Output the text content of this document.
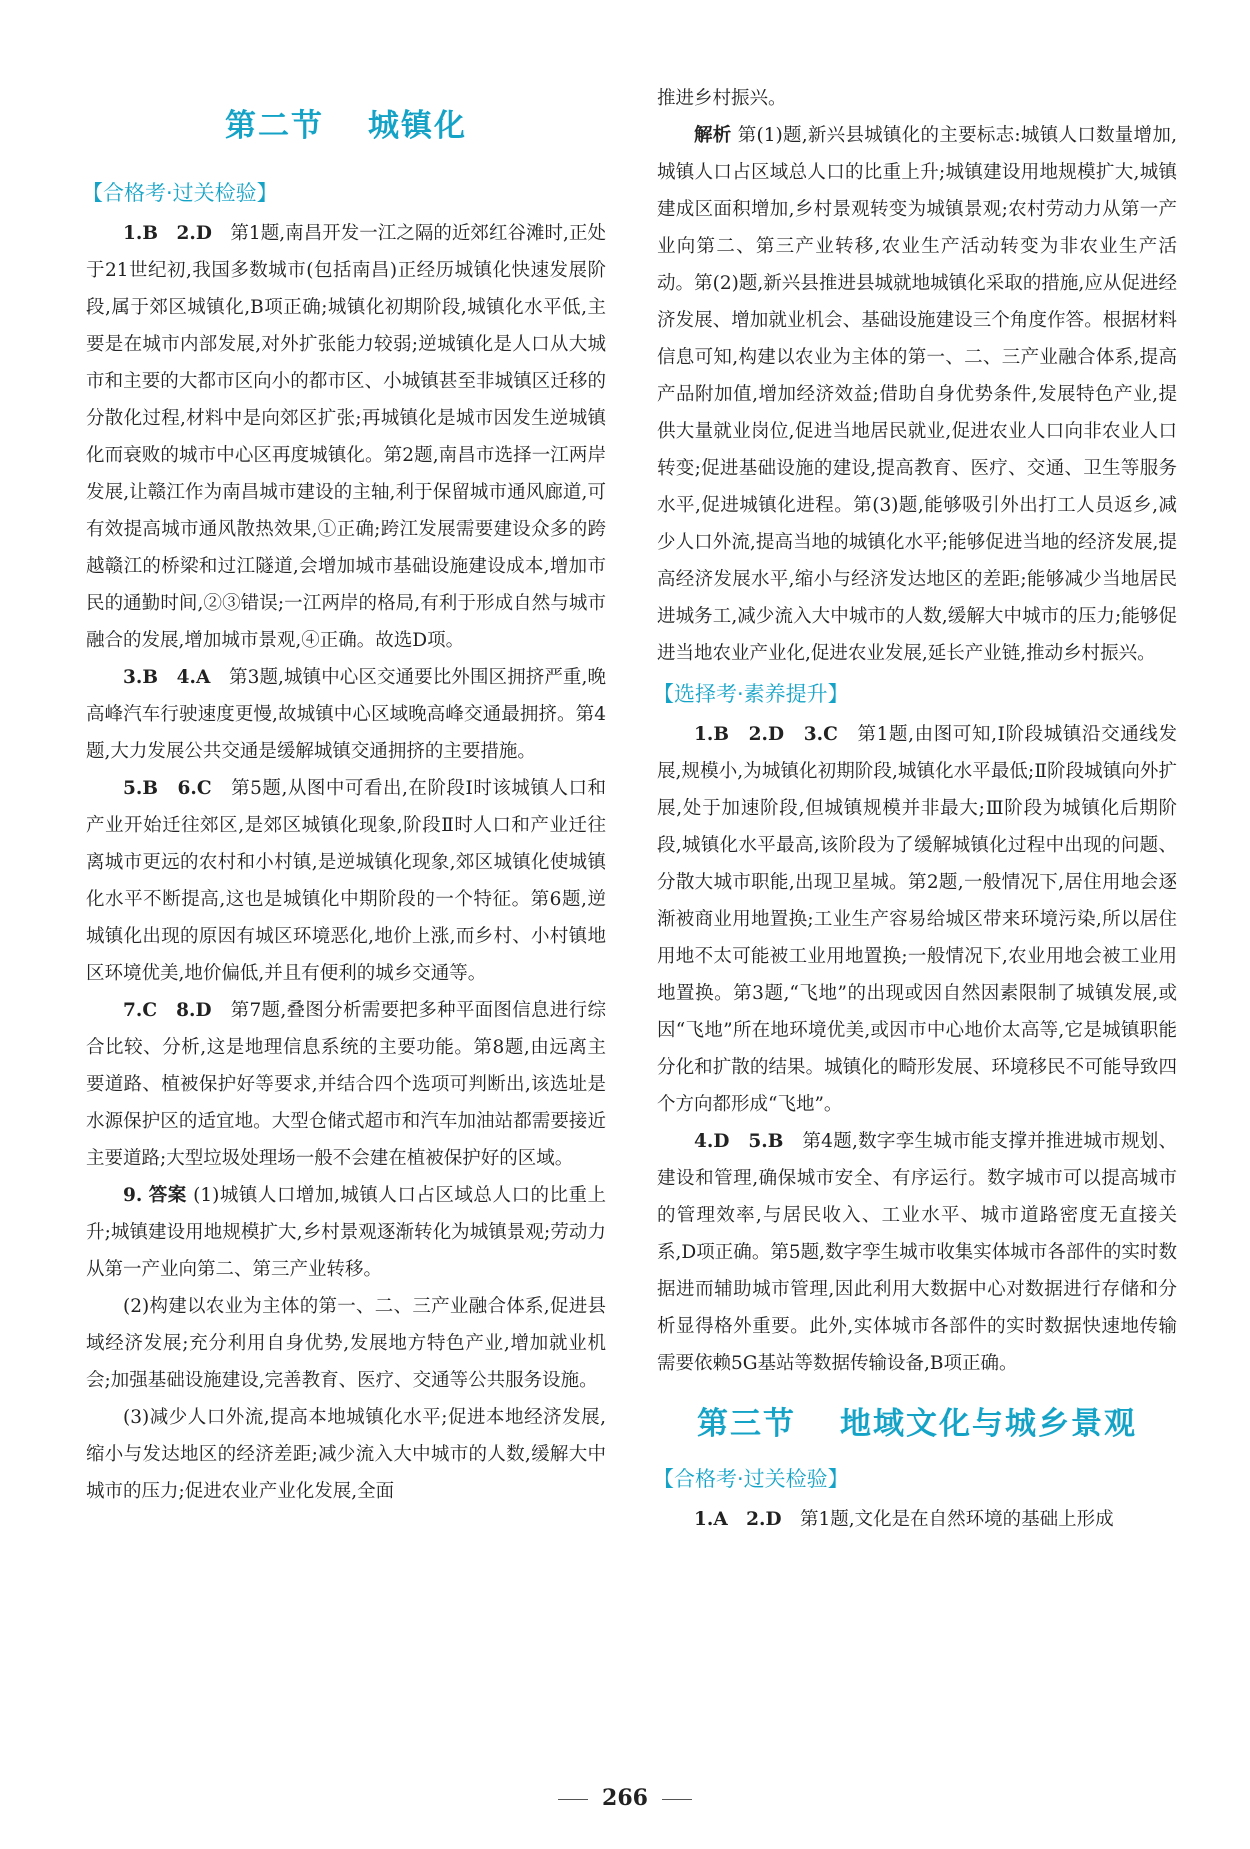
第二节 城镇化
【合格考·过关检验】

1.B　2.D　第1题,南昌开发一江之隔的近郊红谷滩时,正处于21世纪初,我国多数城市(包括南昌)正经历城镇化快速发展阶段,属于郊区城镇化,B项正确;城镇化初期阶段,城镇化水平低,主要是在城市内部发展,对外扩张能力较弱;逆城镇化是人口从大城市和主要的大都市区向小的都市区、小城镇甚至非城镇区迁移的分散化过程,材料中是向郊区扩张;再城镇化是城市因发生逆城镇化而衰败的城市中心区再度城镇化。第2题,南昌市选择一江两岸发展,让赣江作为南昌城市建设的主轴,利于保留城市通风廊道,可有效提高城市通风散热效果,①正确;跨江发展需要建设众多的跨越赣江的桥梁和过江隧道,会增加城市基础设施建设成本,增加市民的通勤时间,②③错误;一江两岸的格局,有利于形成自然与城市融合的发展,增加城市景观,④正确。故选D项。

3.B　4.A　第3题,城镇中心区交通要比外围区拥挤严重,晚高峰汽车行驶速度更慢,故城镇中心区域晚高峰交通最拥挤。第4题,大力发展公共交通是缓解城镇交通拥挤的主要措施。

5.B　6.C　第5题,从图中可看出,在阶段Ⅰ时该城镇人口和产业开始迁往郊区,是郊区城镇化现象,阶段Ⅱ时人口和产业迁往离城市更远的农村和小村镇,是逆城镇化现象,郊区城镇化使城镇化水平不断提高,这也是城镇化中期阶段的一个特征。第6题,逆城镇化出现的原因有城区环境恶化,地价上涨,而乡村、小村镇地区环境优美,地价偏低,并且有便利的城乡交通等。

7.C　8.D　第7题,叠图分析需要把多种平面图信息进行综合比较、分析,这是地理信息系统的主要功能。第8题,由远离主要道路、植被保护好等要求,并结合四个选项可判断出,该选址是水源保护区的适宜地。大型仓储式超市和汽车加油站都需要接近主要道路;大型垃圾处理场一般不会建在植被保护好的区域。

9. 答案 (1)城镇人口增加,城镇人口占区域总人口的比重上升;城镇建设用地规模扩大,乡村景观逐渐转化为城镇景观;劳动力从第一产业向第二、第三产业转移。

(2)构建以农业为主体的第一、二、三产业融合体系,促进县域经济发展;充分利用自身优势,发展地方特色产业,增加就业机会;加强基础设施建设,完善教育、医疗、交通等公共服务设施。

(3)减少人口外流,提高本地城镇化水平;促进本地经济发展,缩小与发达地区的经济差距;减少流入大中城市的人数,缓解大中城市的压力;促进农业产业化发展,全面

推进乡村振兴。

解析 第(1)题,新兴县城镇化的主要标志:城镇人口数量增加,城镇人口占区域总人口的比重上升;城镇建设用地规模扩大,城镇建成区面积增加,乡村景观转变为城镇景观;农村劳动力从第一产业向第二、第三产业转移,农业生产活动转变为非农业生产活动。第(2)题,新兴县推进县城就地城镇化采取的措施,应从促进经济发展、增加就业机会、基础设施建设三个角度作答。根据材料信息可知,构建以农业为主体的第一、二、三产业融合体系,提高产品附加值,增加经济效益;借助自身优势条件,发展特色产业,提供大量就业岗位,促进当地居民就业,促进农业人口向非农业人口转变;促进基础设施的建设,提高教育、医疗、交通、卫生等服务水平,促进城镇化进程。第(3)题,能够吸引外出打工人员返乡,减少人口外流,提高当地的城镇化水平;能够促进当地的经济发展,提高经济发展水平,缩小与经济发达地区的差距;能够减少当地居民进城务工,减少流入大中城市的人数,缓解大中城市的压力;能够促进当地农业产业化,促进农业发展,延长产业链,推动乡村振兴。

【选择考·素养提升】

1.B　2.D　3.C　第1题,由图可知,Ⅰ阶段城镇沿交通线发展,规模小,为城镇化初期阶段,城镇化水平最低;Ⅱ阶段城镇向外扩展,处于加速阶段,但城镇规模并非最大;Ⅲ阶段为城镇化后期阶段,城镇化水平最高,该阶段为了缓解城镇化过程中出现的问题、分散大城市职能,出现卫星城。第2题,一般情况下,居住用地会逐渐被商业用地置换;工业生产容易给城区带来环境污染,所以居住用地不太可能被工业用地置换;一般情况下,农业用地会被工业用地置换。第3题,“飞地”的出现或因自然因素限制了城镇发展,或因“飞地”所在地环境优美,或因市中心地价太高等,它是城镇职能分化和扩散的结果。城镇化的畸形发展、环境移民不可能导致四个方向都形成“飞地”。

4.D　5.B　第4题,数字孪生城市能支撑并推进城市规划、建设和管理,确保城市安全、有序运行。数字城市可以提高城市的管理效率,与居民收入、工业水平、城市道路密度无直接关系,D项正确。第5题,数字孪生城市收集实体城市各部件的实时数据进而辅助城市管理,因此利用大数据中心对数据进行存储和分析显得格外重要。此外,实体城市各部件的实时数据快速地传输需要依赖5G基站等数据传输设备,B项正确。

第三节 地域文化与城乡景观
【合格考·过关检验】

1.A　2.D　第1题,文化是在自然环境的基础上形成

266
